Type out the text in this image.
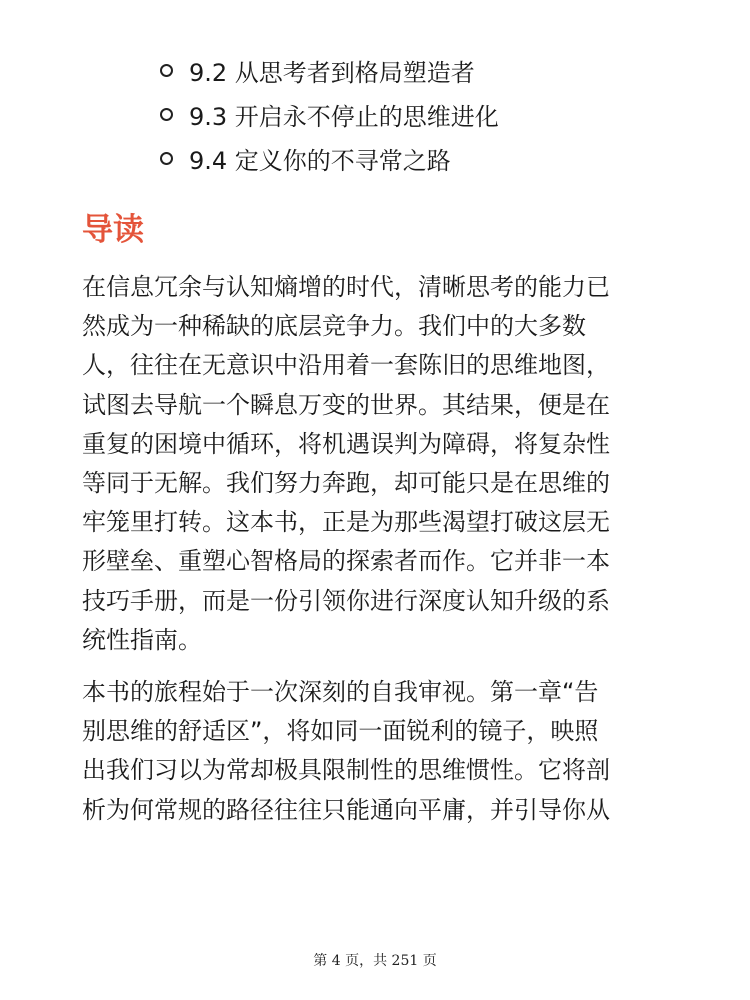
9.2 从思考者到格局塑造者
9.3 开启永不停止的思维进化
9.4 定义你的不寻常之路
导读

在信息冗余与认知熵增的时代，清晰思考的能力已
然成为一种稀缺的底层竞争力。我们中的大多数
人，往往在无意识中沿用着一套陈旧的思维地图，
试图去导航一个瞬息万变的世界。其结果，便是在
重复的困境中循环，将机遇误判为障碍，将复杂性
等同于无解。我们努力奔跑，却可能只是在思维的
牢笼里打转。这本书，正是为那些渴望打破这层无
形壁垒、重塑心智格局的探索者而作。它并非一本
技巧手册，而是一份引领你进行深度认知升级的系
统性指南。

本书的旅程始于一次深刻的自我审视。第一章“告
别思维的舒适区”，将如同一面锐利的镜子，映照
出我们习以为常却极具限制性的思维惯性。它将剖
析为何常规的路径往往只能通向平庸，并引导你从

第 4 页，共 251 页
